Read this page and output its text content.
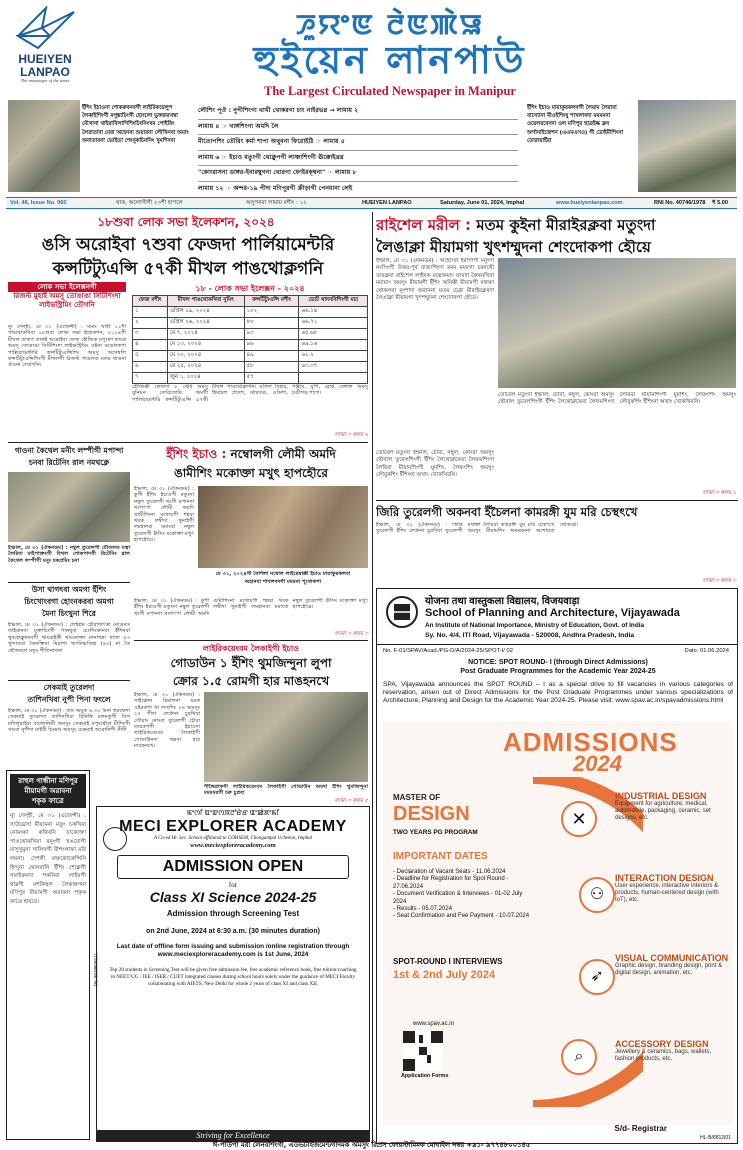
HUEIYEN
LANPAO
The messenger of the times
ꯍꯨꯌꯦꯟ ꯂꯥꯟꯄꯥꯎ
হুইয়েন লানপাউ
The Largest Circulated Newspaper in Manipur
ইঁশিং ইচাওনা শোকরুবনবগী লাইরিকয়েলুপ লৈকাইশিংগী মপুঙ্কাচিংগী হোংলো ভুঙ্গজরখম্বা মৌখানা থাইরাবিলাগিশিংচিংনিংখম পোইরিং লৈরাতাবা মেরা অহেনবা শুয়ারনা লৌখিনবা অমাং অনাতাবনা ভোইতা শেংনুকচিননিং খুমশিনবা
লৌশিং পূঔ : নুপীশিংগা থাখী থোকরগা চাং নাইরভগ্ন → লামায় ২
লামায় ৪ ☞ খাঙ্গশিংগা অমদি লৈ
মীতোপশিং তৌরিং কর্মা শাপা অথুবনা ফিরোইঠি ☞ লামায় ৫
লামায় ৬ ☞ ইচাও মতুংগী থোক্লুপগী লাঞ্চাশিংগী ঊক্কোইখ্রগ্ন
"কোংরাসনা ডাঙ্গর-ইনারম্বুগনা থোরগা ফোইরক্ম্বনা" ☞ লামায় ৮
লামায় ১২ ☞ অন্দর-১৯ পীদা মণিপুরগী ক্রীড়াগী পেনমানা লেই
ইঁশিং ইচাও মায়াকুরকলবগী লৈয়াম লৈরাবা বাস্যোনা মীওইশিংবু শাখলাবদা মমমমনা ওয়েলরবেনদা ওল মণিপুর ছাত্রইল্ক ক্লব অর্গানাইজেশন (এএমএসও) গী ডোইমীশিংনা তোরায়াইঁরা
Vol. 48, Issue No. 060	থাক, অলোসীগী ২৩শী হাপলে	অসুপনবা লামায় মশীং : ১২	HUEIYEN LANPAO	Saturday, June 01, 2024, Imphal	www.hueiyenlanpao.com	RNI No. 40746/1978 ₹ 5.00
১৮শুবা লোক সভা ইলেকশন, ২০২৪
ঙসি অরোইবা ৭শুবা ফেজদা পার্লিয়ামেন্টরি
কন্সটিট্যুএন্সি ৫৭কী মীখল পাঙথোক্লগনি
লোক সভা ইলেক্সনগী
রিজল্ট মুহাই অমসু তোঙাঙা সিটিশিংদা লাইভস্ট্রিমিং তৌগনি
ন্যু দেল্হী, মে ৩১ (এজেন্সী) : মমাং থাবী ১১শী পাংথোকখিবা ১৮শুবা লোক সভা ইলেকশন, ২০২৪গী মীখল তাকপ তাকই অরোইবা ফেজ হৌজিক মপুংফা ফাখ্রে অমসু তোঙাঙা সিটিশিংদা লাইভস্ট্রিমিং ওইনা ঙাঙলকপা পাল্লিয়ামেন্টারি কন্সটিট্যুএন্সিশিং অমসু অসেম্বলি কন্সটিট্যুএন্সিশিংগী মীখলগী রিজল্ট পাঙলবা মতম থাঙনা ঔঙনা লেপ্লগনি।
১৮ - লোক সভা ইলেক্সন - ২০২৪
ফেজ মশীং	মীখল পাঙথোকখিবা নুমিৎ	কন্সটিট্যুএন্সি মশীং	ভোট থাদনবিশিংগী মচা
১	এপ্রিল ১৯, ২০২৪	১০২	৬৬.১৪
২	এপ্রিল ২৬, ২০২৪	৮৮	৬৬.৭১
৩	মে ৭, ২০২৪	৯৩	৬৫.৬৮
৪	মে ১৩, ২০২৪	৯৬	৬৯.১৬
৫	মে ২০, ২০২৪	৪৯	৬২.২
৬	মে ২৫, ২০২৪	৫৮	৬৩.৩৭
৭	জুন ১, ২০২৪	৫৭	
হৌজিক্কী ফেজদা ৮ স্টেট অমসু য়ুনিয়ন তেরিতোরি অমগী পার্লিয়ামেন্টরি কন্সটিট্যুএন্সি ৫৭কী মীখল পাঙথোক্লগনি। মসিদা বিহার, হিমাচল প্রদেশ, ঝারখণ্ড, ওডিশা, পঞ্জাব, য়ুপি, ৱেস্ট বেঙ্গাল অমসু চণ্ডীগড় শাগে।
ল্যামা ৩ কলম ৬
গাওনা কৈথেল মনীং লম্পীগী মপান্দা
চনবা রিটেনিং রাল নমথক্লে
ইম্ফাল, মে ৩১ (ঐকনডম) : নম্বুল তুরেলগী চৌবনদম মত্বা লৈরিবা মাইপাক্তংগী বিথল শোকপাদগী রিটেনিং ৱাল কৈথেল লম্পীগী মনুং চকপ্রমিং চনা
উসা থাগৎবা অমগা ইঁশিং
চিংখোংবগা হোংনকরবা অমগা
মৈনা চিংখুনা শিরে
ইম্ফাল, মে ৩১ (ঐকনডম) : লেইশ্রম চৌরজিৎকা নোঙমাং তাইরানবা মুক্তাচিংগী পানথুবা চেংশিংকানবা ইঁশিনবা থুমহোক্লুনদবগী থাংমেইকী থাংনোক্তা মানাখন্না খাতা ৫৩ খুন্দাতবা কৈনক্তিবা মিরাগা ঋণনিন্মতিন্না (৪৩) না কৈ ছৌজমতা মতুং শীতিনাখনা
সেকমাই তুরেলদা
তাশিনখিবা নুপী পিনা ফংলে
ইম্ফাল, মে ৩১ (ঐকনডম) : তাং অযুক ৬.৩০ মিনা হুরবকদা সেকমাই তুরেলদা তাশিনখিবা রিনিঙ্গি মলনতুগী সিগ মগিলুয়াইবা বালোনিতী অমসুং সেকমাই মপুংথৌবা মীশিংগী সাংবা নুপীদা মাইবী চিংমাং অমসুং চেকমাই অরোনিগী সীনী
রাহুল গান্ধীনা মণিপুর
মীয়ামগী অরাবনা
শকৃক ফাত্রে
ন্যু দেল্হী, মে ৩১ (এজেন্সী) : সাউথ্রেসা মীয়ামনা মতুং চকখিবা নোমংকা কথিবনি যাকোক্তা পাঙথোকখিবা মনুংগী খঙরোগী মাসুখুমুনা সালিবগী মীশংলাফা মরি লমনা। দেশকী রক্তকোক্রেন্সিনি হিন্দুনা থোনবানি ইঁশিং শোক্লগী সমাইরুনদা শকনিবা লাইবগী থাম্নগী মশকিহুল লৈকান্নগনা মণিপুর মীয়ামগী অরাবনা শকৃক ফাত্রে হায়রে।
ইঁশিং ইচাও : নম্বোলগী লৌমী অমদি
ঙামীশিং মকোক্তা মখুৎ হাপহৌরে
ইম্ফাল, মে ৩১ (ঐকনডম) : কুগী ইঁশিং ইচাওগী মতুংদা নম্বুল তুরেলগী থংগী মপানদা থংগৎপা লৌমী অমদি ঙামীশিংনা মখোয়গী শন্নবা থবক লম্বীদা খুনাইগী লমহানবা মমাংবা নম্বুল তুরেলগী ঊসিং মকোক্তা মখুৎ হাপহৌরে।
মে ৩১, ২০২৪গী নৈশিলা নম্বোল লাইরেম্বাক্কী ইচাও মায়াকুরকলবা
অহানবা শাখলবদগী মমমনা পূথোকপা
ইম্ফাল, মে ৩১ (ঐকনডম) : কুগী ইঁশিং ইচাওগী মতুংদা নম্বুল তুরেলগী থংগী মপানদা থংগৎপা লৌমী অমদি ঙামীশিংনা মখোয়গী শন্নবা থবক লম্বীদা খুনাইগী লমহানবা মমাংবা নম্বুল তুরেলগী ঊসিং মকোক্তা মখুৎ হাপহৌরে।
ল্যামা ৩ কলম ৩
লাইরিকয়েংবম লৈকাইগী ইচাও
গোডাউন ১ ইঁশিং থুমজিন্দুনা লুপা
ক্রোর ১.৫ রোমগী হার মাঙহনখে
ইম্ফাল, মে ৩১ (ঐকনডম) : সাইক্লোন রিমালনা মরক ওইরকপা খা দাতশিং ২৬ অমসুং ২৭ শীদা লেগ্রুনা চুরখিবা তৌরাং নোংবা তুরেলগী চৌবা তারকপগী ইচাওদা লাইরিকয়েংবম লৈকাইগী গোডাউনদা থম্লবা হার মাঙহনখে।
শীঙ্গৈত্রাকগী লাইরিকয়েংবম লৈকাইগী গোডাউন অমদা ইঁশিং থুমজিন্দুনা মমমমরগী চরু চুপ্লবা
ল্যামা ৩ কলম ৫
ꯃꯦꯁꯤ ꯑꯦꯛꯁꯞꯂꯣꯔꯥꯔ ꯑꯦꯀꯥꯗꯦꯃꯤ
MECI EXPLORER ACADEMY
A Co-ed Hr. Sec. School affiliated to COHSEM, Chongampat Uchekon, Imphal
www.meciexploreracademy.com
ADMISSION OPEN
for
Class XI Science 2024-25
Admission through Screening Test
on 2nd June, 2024 at 6:30 a.m. (30 minutes duration)
Last date of offline form issuing and submission /online registration through www.meciexploreracademy.com is 1st June, 2024
Top 20 students in Screening Test will be given free admission fee, free academic reference book, free tuition/coaching in NEET/UG / JEE / ISER / CUET integrated classes during school hours solely under the guidance of MECI Faculty collaborating with AIETS, New Delhi for whole 2 years of class XI and class XII.
Striving for Excellence
Ph: 8638808531
রাইশেল মরীল : মতম কুইনা মীরাইরক্লবা মতুংদা
লৈঙাক্লা মীয়ামগা খুৎশম্মুদনা শেংদোকপা হৌয়ে
ইম্ফাল, মে ৩১ (ঐকনডম) : অহোংবা ইরাগাগী মনুংদা নংসিংগী উত্তর-পূর্ব রাজ্যশিংদা মমম মমমগা চরনথৌ তারক্লবা রাইশেল লাইবক মন্থোকমাং ফাবদা কৈথনখিবা মমামাং অমসুং মীয়ামগী ইঁশিং অনিক্কী মীয়ামগী মথক্তা থোকলবা নুংশাদা অরাননা মতম চেক্না মীরাইরক্লবদা লৈঙাক্লা মীয়ামগা খুৎশম্মুদনা শেংদোকপা হৌরে।
তৌরেল মতুংদা ইম্ফাল, চৌবা, নম্বুল, কোংবা অমসুং থৌবাল তুরেলশিংগী ইঁশিং লৈথোক্নফেবা লৈফমশিংদা লৈরিবা মীয়ামশিংগী য়ুমশিং, লৈফংশিং অমসুং লৌবুকশিং ইঁশিংনা অখাং খোকখিবনি।
তৌরেল মতুংদা ইম্ফাল, চৌবা, নম্বুল, কোংবা অমসুং থৌবাল তুরেলশিংগী ইঁশিং লৈথোক্নফেবা লৈফমশিংদা লৈরিবা মীয়ামশিংগী য়ুমশিং, লৈফংশিং অমসুং লৌবুকশিং ইঁশিংনা অখাং খোকখিবনি।
ল্যামা ৩ কলম ১
জিরি তুরেলগী অকনবা ইঁচৈলনা কামরঙ্গী যুম মরি চেস্থৎখে
ইম্ফাল, মে ৩১ (ঐকনডম) : জিরি তুরেলগী ইঁশিং লেগ্রুনা চুরখিবা তুরেলগী মথক্তা লৈরিবা কামরঙ্গী য়ুম মরি চেস্থৎখে অমসুং মীয়ামশিং অমমমমনা অশোয়বা থোকখ্রে।
ল্যামা ৩ কলম ৩
योजना तथा वास्तुकला विद्यालय, विजयवाड़ा
School of Planning and Architecture, Vijayawada
An Institute of National Importance, Ministry of Education, Govt. of India
Sy. No. 4/4, ITI Road, Vijayawada - 520008, Andhra Pradesh, India
No. F-01/SPAV/Acad./PG-D/A/2024-25/SPOT-I/ 02	Dato. 01.06.2024
NOTICE: SPOT ROUND- I (through Direct Admissions)
Post Graduate Programmes for the Academic Year 2024-25
SPA, Vijayawada announces the SPOT ROUND – I as a special drive to fill vacancies in various categories of reservation, arisen out of Direct Admissions for the Post Graduate Programmes under various specializations of Architecture, Planning and Design for the Academic Year 2024-25. Please visit: www.spav.ac.in/spavadmissions.html
ADMISSIONS
2024
MASTER OF
DESIGN
TWO YEARS PG PROGRAM
IMPORTANT DATES
- Declaration of Vacant Seats - 11.06.2024
- Deadline for Registration for Spot Round - 27.06.2024
- Document Verification & Interviews - 01-02 July 2024
- Results - 05.07.2024
- Seat Confirmation and Fee Payment - 10.07.2024
SPOT-ROUND I INTERVIEWS
1st & 2nd July 2024
www.spav.ac.in
Application Forms
INDUSTRIAL DESIGN
Equipment for agriculture, medical, automobile, packaging, ceramic, set designs, etc.
INTERACTION DESIGN
User experience, interactive interiors & products, human-centered design (with IoT), etc.
VISUAL COMMUNICATION
Graphic design, branding design, print & digital design, animation, etc.
ACCESSORY DESIGN
Jewellery & ceramics, bags, wallets, fashion products, etc.
✕
⚇
➶
⌕
S/d- Registrar
HL-B/8812/01
ঈ-পাউপা মরী লৈনবশিংগী, এডভর্টাইজমেন্টগীদমক অমসুং রিপ্রস ফোরস্টামিমক মোবাইল নম্বর +৯১- ৯৭৭৪৮০০১৪৫
